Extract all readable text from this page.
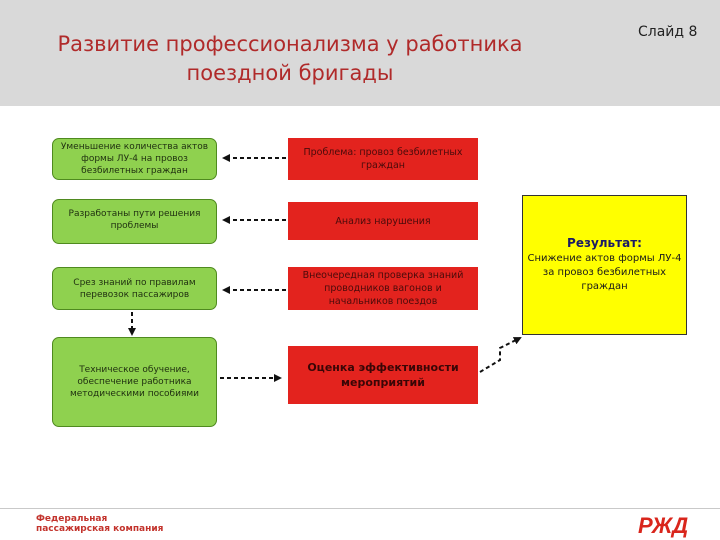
Развитие профессионализма у работника
поездной бригады
Слайд 8
Уменьшение количества актов формы ЛУ-4 на провоз безбилетных граждан
Разработаны пути решения проблемы
Срез знаний по правилам перевозок пассажиров
Техническое обучение, обеспечение работника методическими пособиями
Проблема: провоз безбилетных граждан
Анализ нарушения
Внеочередная проверка знаний проводников вагонов и начальников поездов
Оценка эффективности мероприятий
Результат:
Снижение актов формы ЛУ-4 за провоз безбилетных граждан
Федеральная
пассажирская компания	РЖД
